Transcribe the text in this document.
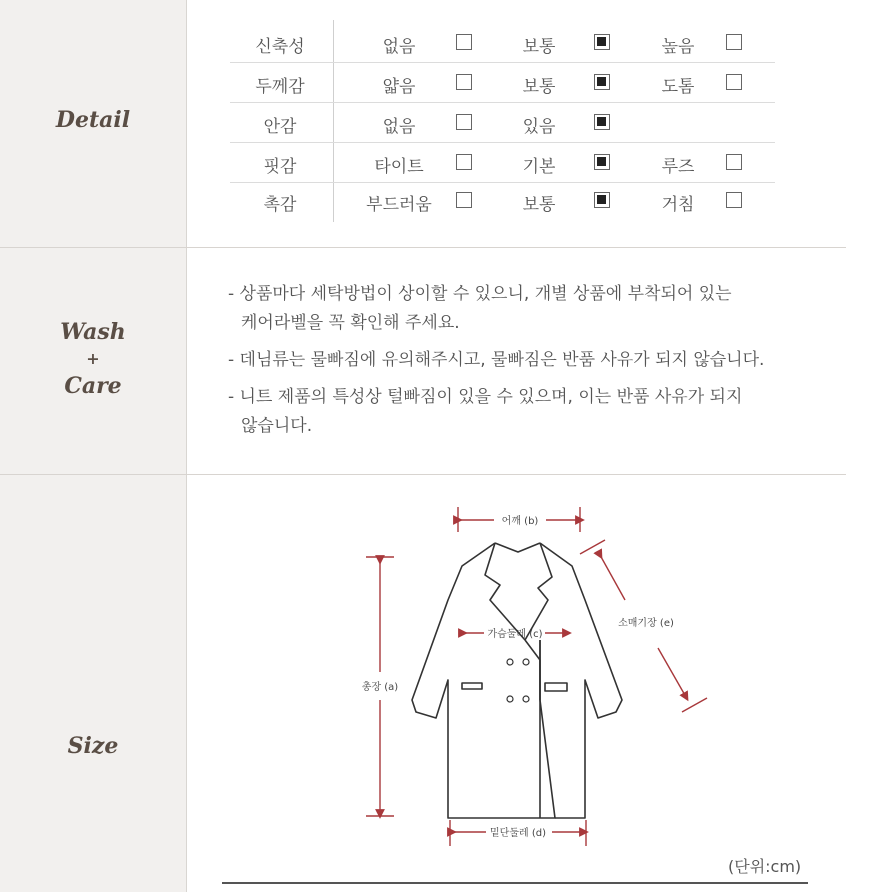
Detail
Wash
+
Care
Size
신축성	없음	보통	높음
두께감	얇음	보통	도톰
안감	없음	있음
핏감	타이트	기본	루즈
촉감	부드러움	보통	거침

- 상품마다 세탁방법이 상이할 수 있으니, 개별 상품에 부착되어 있는
케어라벨을 꼭 확인해 주세요.

- 데님류는 물빠짐에 유의해주시고, 물빠짐은 반품 사유가 되지 않습니다.

- 니트 제품의 특성상 털빠짐이 있을 수 있으며, 이는 반품 사유가 되지
않습니다.

어깨 (b)
가슴둘레 (c)
총장 (a)
소매기장 (e)
밑단둘레 (d)
(단위:cm)
